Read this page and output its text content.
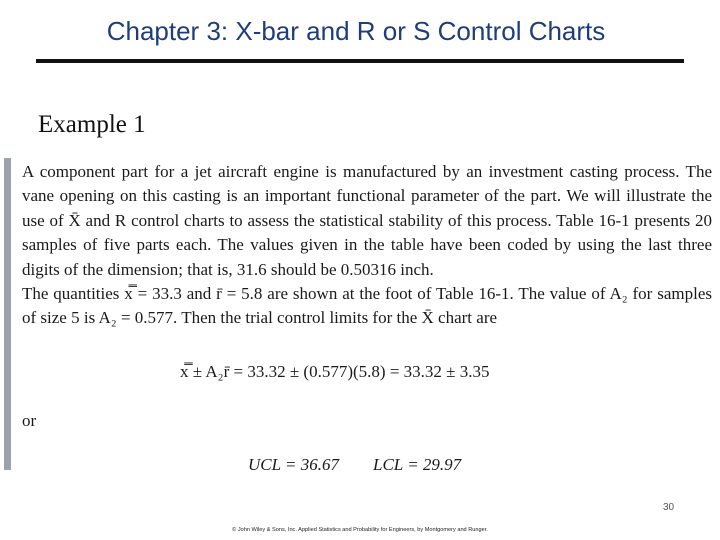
Chapter 3: X-bar and R or S Control Charts
Example 1
A component part for a jet aircraft engine is manufactured by an investment casting process. The vane opening on this casting is an important functional parameter of the part. We will illustrate the use of X̄ and R control charts to assess the statistical stability of this process. Table 16-1 presents 20 samples of five parts each. The values given in the table have been coded by using the last three digits of the dimension; that is, 31.6 should be 0.50316 inch.
The quantities x̿ = 33.3 and r̄ = 5.8 are shown at the foot of Table 16-1. The value of A₂ for samples of size 5 is A₂ = 0.577. Then the trial control limits for the X̄ chart are
x̿ ± A₂r̄ = 33.32 ± (0.577)(5.8) = 33.32 ± 3.35
or
UCL = 36.67 LCL = 29.97
30
© John Wiley & Sons, Inc. Applied Statistics and Probability for Engineers, by Montgomery and Runger.
